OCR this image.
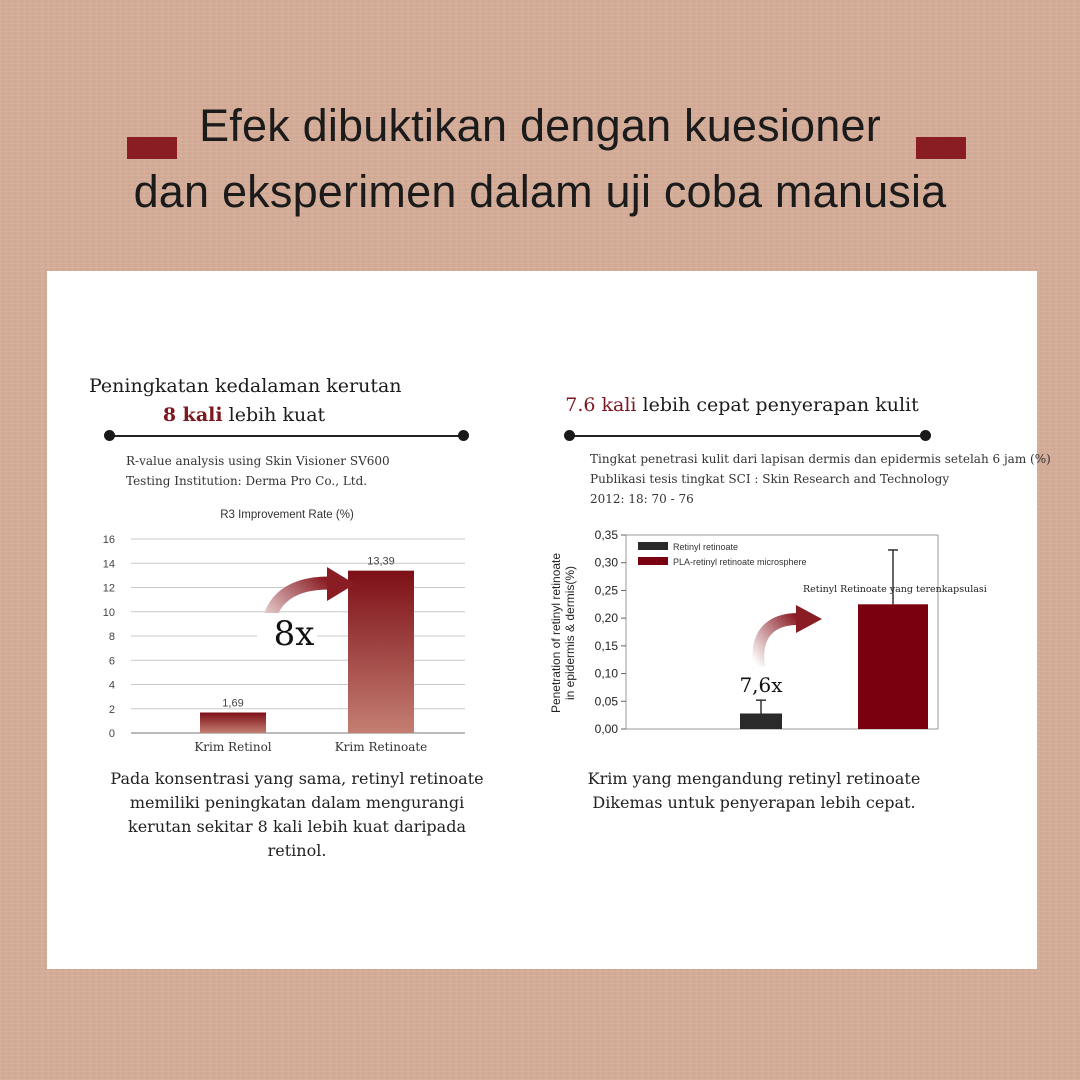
Efek dibuktikan dengan kuesioner
dan eksperimen dalam uji coba manusia
Peningkatan kedalaman kerutan
8 kali lebih kuat
R-value analysis using Skin Visioner SV600
Testing Institution: Derma Pro Co., Ltd.
R3 Improvement Rate (%)
0
2
4
6
8
10
12
14
16
1,69
Krim Retinol
13,39
Krim Retinoate
8x
Pada konsentrasi yang sama, retinyl retinoate memiliki peningkatan dalam mengurangi kerutan sekitar 8 kali lebih kuat daripada retinol.
7.6 kali lebih cepat penyerapan kulit
Tingkat penetrasi kulit dari lapisan dermis dan epidermis setelah 6 jam (%)
Publikasi tesis tingkat SCI : Skin Research and Technology
2012: 18: 70 - 76
Penetration of retinyl retinoate in epidermis & dermis(%)
0,00
0,05
0,10
0,15
0,20
0,25
0,30
0,35
Retinyl retinoate
PLA-retinyl retinoate microsphere
Retinyl Retinoate yang terenkapsulasi
7,6x
Krim yang mengandung retinyl retinoate Dikemas untuk penyerapan lebih cepat.
